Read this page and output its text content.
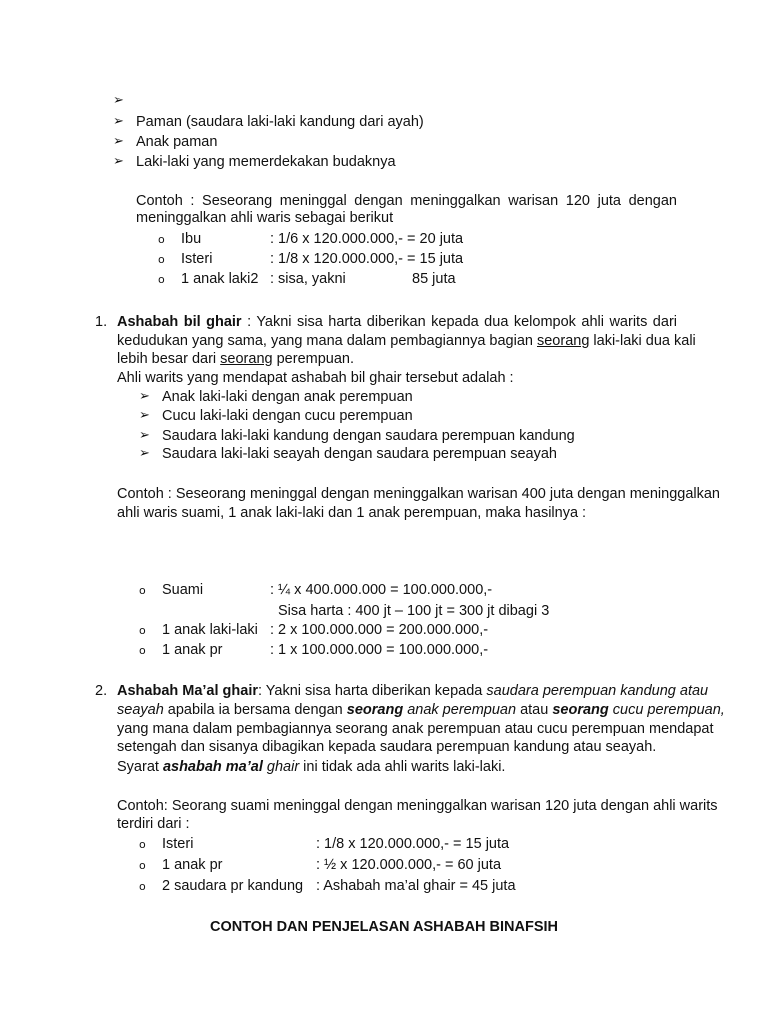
➢
➢ Paman (saudara laki-laki kandung dari ayah)
➢ Anak paman
➢ Laki-laki yang memerdekakan budaknya
Contoh : Seseorang meninggal dengan meninggalkan warisan 120 juta dengan
meninggalkan ahli waris sebagai berikut
o Ibu	: 1/6 x 120.000.000,- = 20 juta
o Isteri	: 1/8 x 120.000.000,- = 15 juta
o 1 anak laki2 : sisa, yakni	85 juta
1. Ashabah bil ghair : Yakni sisa harta diberikan kepada dua kelompok ahli warits dari
kedudukan yang sama, yang mana dalam pembagiannya bagian seorang laki-laki dua kali
lebih besar dari seorang perempuan.
Ahli warits yang mendapat ashabah bil ghair tersebut adalah :
➢ Anak laki-laki dengan anak perempuan
➢ Cucu laki-laki dengan cucu perempuan
➢ Saudara laki-laki kandung dengan saudara perempuan kandung
➢ Saudara laki-laki seayah dengan saudara perempuan seayah
Contoh : Seseorang meninggal dengan meninggalkan warisan 400 juta dengan meninggalkan
ahli waris suami, 1 anak laki-laki dan 1 anak perempuan, maka hasilnya :
o Suami	: ¼ x 400.000.000 = 100.000.000,-
Sisa harta : 400 jt – 100 jt = 300 jt dibagi 3
o 1 anak laki-laki : 2 x 100.000.000 = 200.000.000,-
o 1 anak pr	: 1 x 100.000.000 = 100.000.000,-
2. Ashabah Ma’al ghair: Yakni sisa harta diberikan kepada saudara perempuan kandung atau
seayah apabila ia bersama dengan seorang anak perempuan atau seorang cucu perempuan,
yang mana dalam pembagiannya seorang anak perempuan atau cucu perempuan mendapat
setengah dan sisanya dibagikan kepada saudara perempuan kandung atau seayah.
Syarat ashabah ma’al ghair ini tidak ada ahli warits laki-laki.
Contoh: Seorang suami meninggal dengan meninggalkan warisan 120 juta dengan ahli warits
terdiri dari :
o Isteri	: 1/8 x 120.000.000,- = 15 juta
o 1 anak pr	: ½ x 120.000.000,- = 60 juta
o 2 saudara pr kandung : Ashabah ma’al ghair = 45 juta
CONTOH DAN PENJELASAN ASHABAH BINAFSIH
